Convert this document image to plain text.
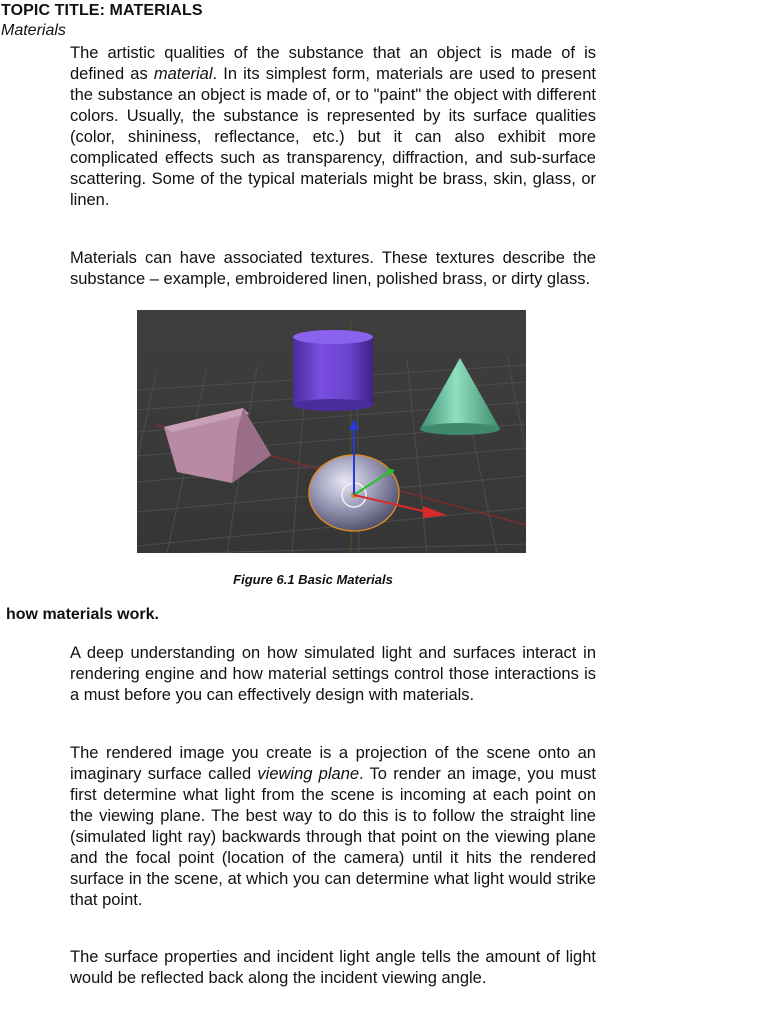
TOPIC TITLE: MATERIALS
Materials

The artistic qualities of the substance that an object is made of is defined as material. In its simplest form, materials are used to present the substance an object is made of, or to "paint" the object with different colors. Usually, the substance is represented by its surface qualities (color, shininess, reflectance, etc.) but it can also exhibit more complicated effects such as transparency, diffraction, and sub-surface scattering. Some of the typical materials might be brass, skin, glass, or linen.

Materials can have associated textures. These textures describe the substance – example, embroidered linen, polished brass, or dirty glass.

Figure 6.1 Basic Materials

how materials work.

A deep understanding on how simulated light and surfaces interact in rendering engine and how material settings control those interactions is a must before you can effectively design with materials.

The rendered image you create is a projection of the scene onto an imaginary surface called viewing plane. To render an image, you must first determine what light from the scene is incoming at each point on the viewing plane. The best way to do this is to follow the straight line (simulated light ray) backwards through that point on the viewing plane and the focal point (location of the camera) until it hits the rendered surface in the scene, at which you can determine what light would strike that point.

The surface properties and incident light angle tells the amount of light would be reflected back along the incident viewing angle.
